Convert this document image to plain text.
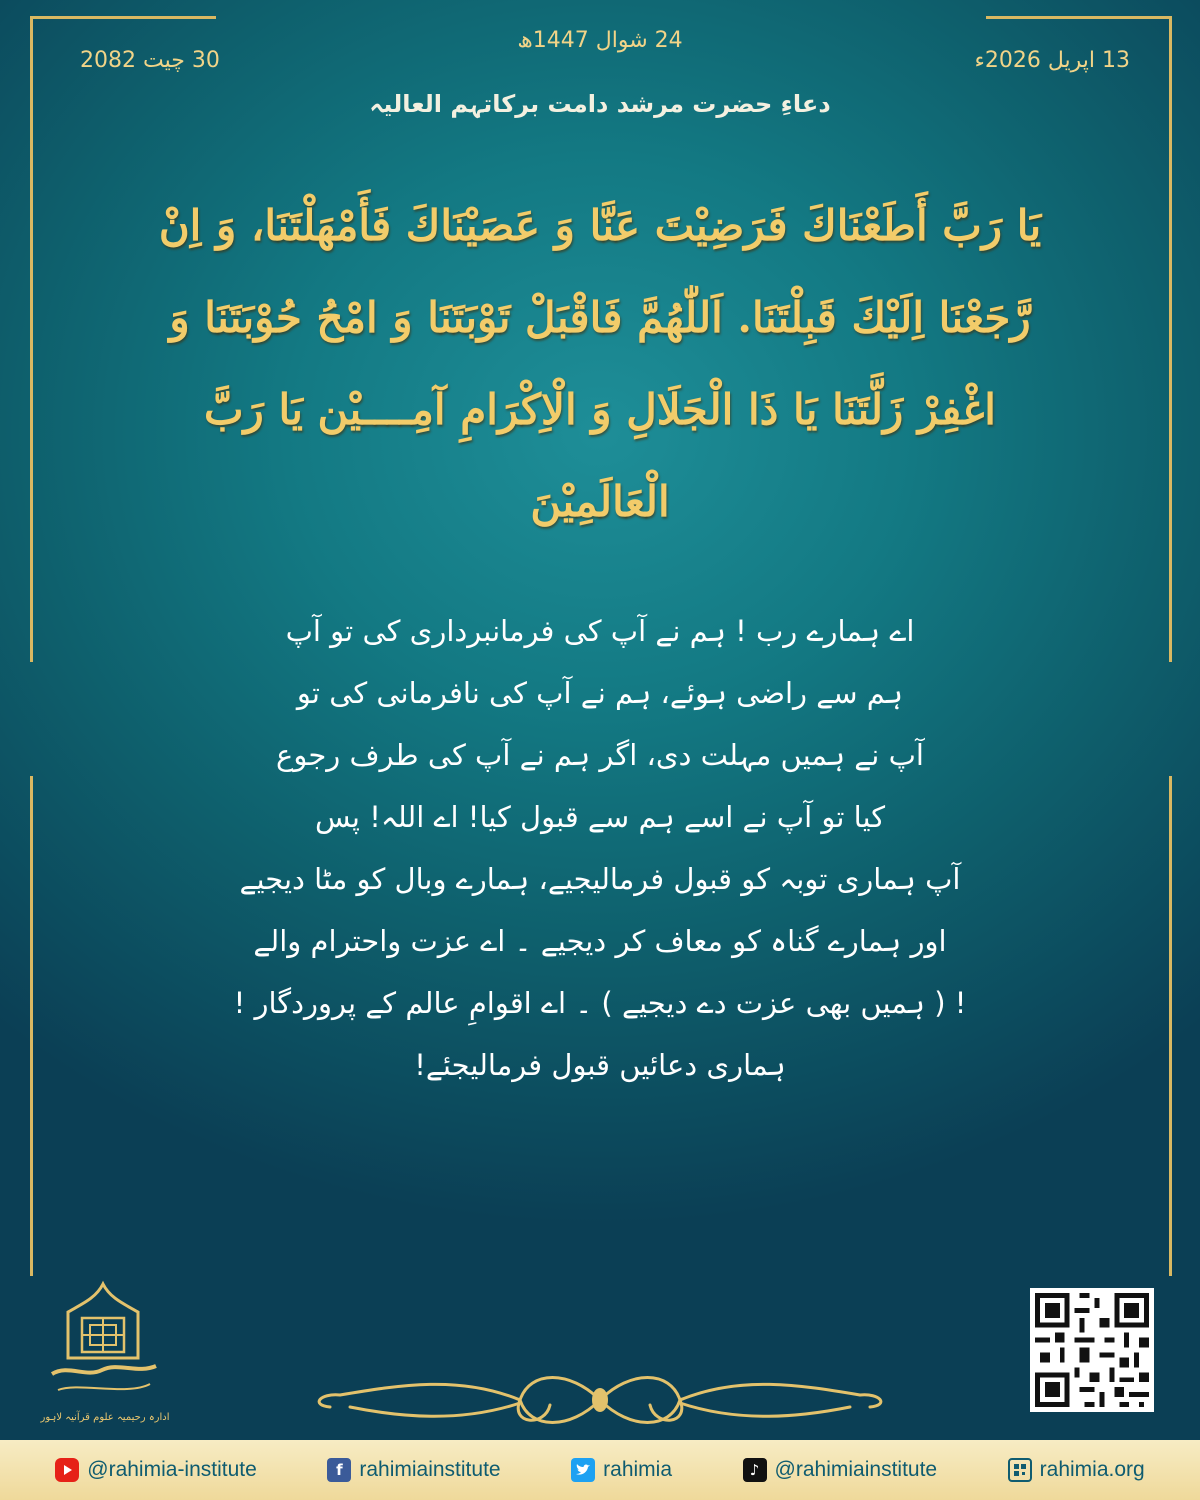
24 شوال 1447ھ
13 اپریل 2026ء
30 چیت 2082
دعاءِ حضرت مرشد دامت برکاتہم العالیہ
يَا رَبَّ أَطَعْنَاكَ فَرَضِيْتَ عَنَّا وَ عَصَيْنَاكَ فَأَمْهَلْتَنَا، وَ اِنْ
رَّجَعْنَا اِلَيْكَ قَبِلْتَنَا. اَللّٰهُمَّ فَاقْبَلْ تَوْبَتَنَا وَ امْحُ حُوْبَتَنَا وَ
اغْفِرْ زَلَّتَنَا يَا ذَا الْجَلَالِ وَ الْاِكْرَامِ آمِــــيْن يَا رَبَّ
الْعَالَمِيْنَ
اے ہمارے رب ! ہم نے آپ کی فرمانبرداری کی تو آپ
ہم سے راضی ہوئے، ہم نے آپ کی نافرمانی کی تو
آپ نے ہمیں مہلت دی، اگر ہم نے آپ کی طرف رجوع
کیا تو آپ نے اسے ہم سے قبول کیا! اے اللہ! پس
آپ ہماری توبہ کو قبول فرمالیجیے، ہمارے وبال کو مٹا دیجیے
اور ہمارے گناہ کو معاف کر دیجیے ۔ اے عزت واحترام والے
! ( ہمیں بھی عزت دے دیجیے ) ۔ اے اقوامِ عالم کے پروردگار !
ہماری دعائیں قبول فرمالیجئے!
ادارہ رحیمیہ علوم قرآنیہ لاہور
@rahimia-institute	f rahimiainstitute	rahimia	♪ @rahimiainstitute	rahimia.org
